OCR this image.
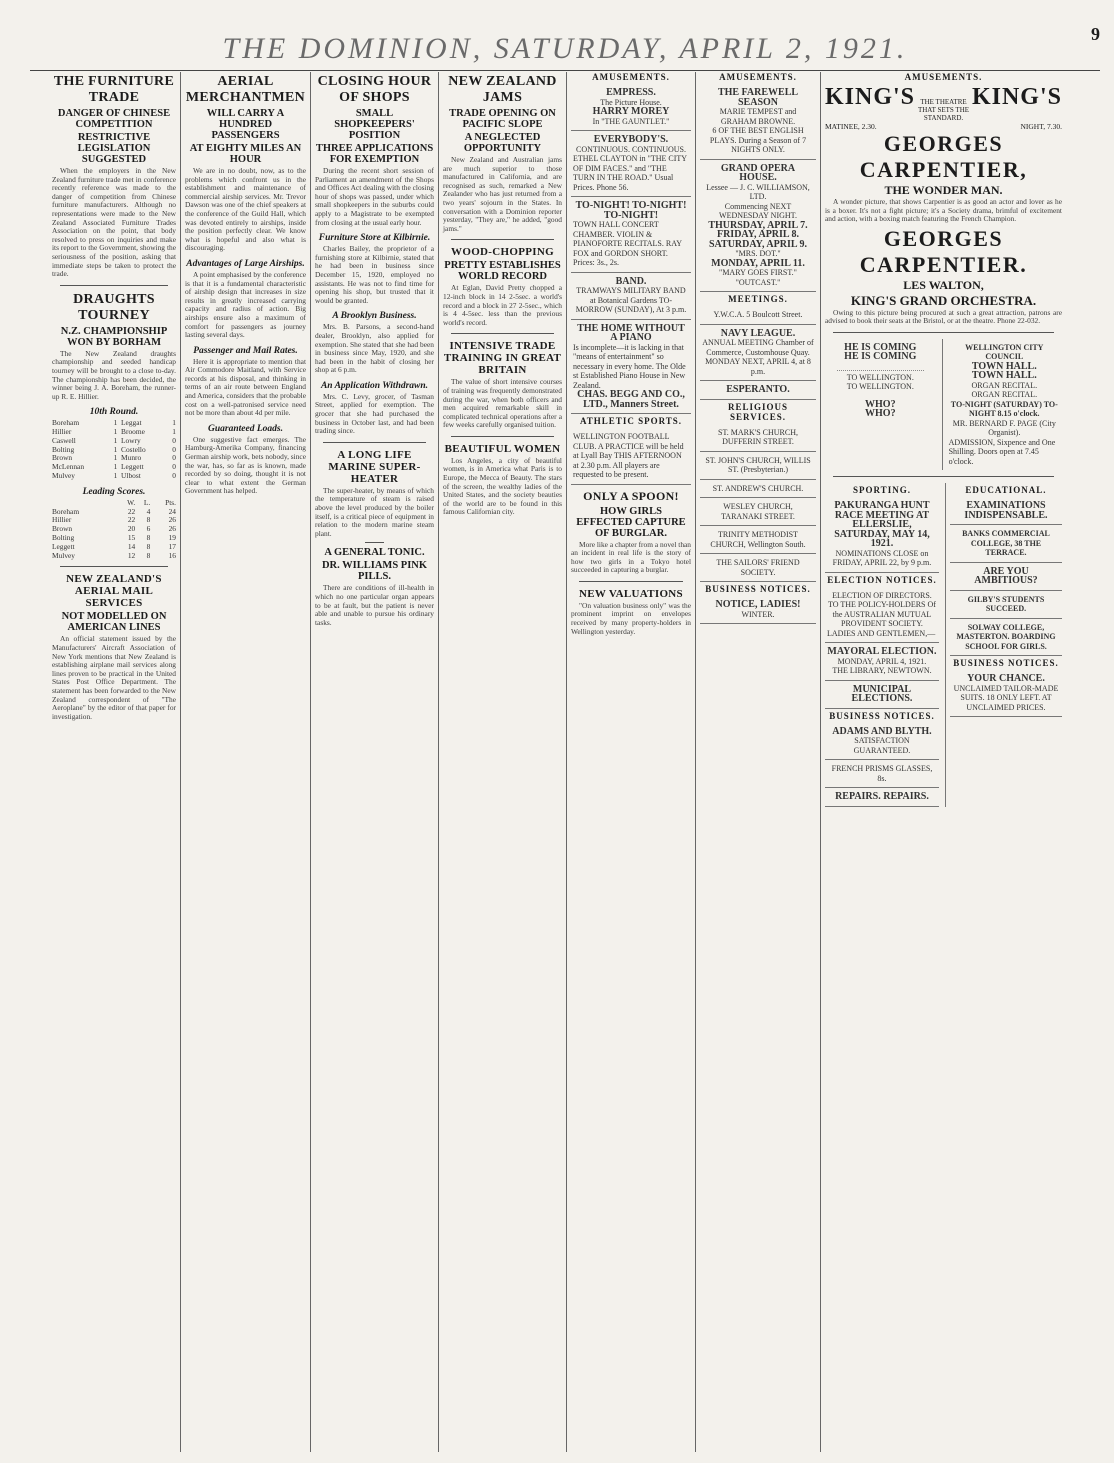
THE DOMINION, SATURDAY, APRIL 2, 1921.	9
THE FURNITURE TRADE
DANGER OF CHINESE COMPETITION
RESTRICTIVE LEGISLATION SUGGESTED

When the employers in the New Zealand furniture trade met in conference recently reference was made to the danger of competition from Chinese furniture manufacturers. Although no representations were made to the New Zealand Associated Furniture Trades Association on the point, that body resolved to press on inquiries and make its report to the Government, showing the seriousness of the position, asking that immediate steps be taken to protect the trade.

DRAUGHTS TOURNEY
N.Z. CHAMPIONSHIP WON BY BORHAM

The New Zealand draughts championship and seeded handicap tourney will be brought to a close to-day. The championship has been decided, the winner being J. A. Boreham, the runner-up R. E. Hillier.

10th Round.
Boreham	1	Leggat	1
Hillier	1	Broome	1
Caswell	1	Lowry	0
Bolting	1	Costello	0
Brown	1	Munro	0
McLennan	1	Leggett	0
Mulvey	1	Ulbost	0
Leading Scores.
	W.	L.	Pts.
Boreham	22	4	24
Hillier	22	8	26
Brown	20	6	26
Bolting	15	8	19
Leggett	14	8	17
Mulvey	12	8	16
NEW ZEALAND'S AERIAL MAIL SERVICES
NOT MODELLED ON AMERICAN LINES

An official statement issued by the Manufacturers' Aircraft Association of New York mentions that New Zealand is establishing airplane mail services along lines proven to be practical in the United States Post Office Department. The statement has been forwarded to the New Zealand correspondent of "The Aeroplane" by the editor of that paper for investigation.

AERIAL MERCHANTMEN
WILL CARRY A HUNDRED PASSENGERS
AT EIGHTY MILES AN HOUR

We are in no doubt, now, as to the problems which confront us in the establishment and maintenance of commercial airship services. Mr. Trevor Dawson was one of the chief speakers at the conference of the Guild Hall, which was devoted entirely to airships, inside the position perfectly clear. We know what is hopeful and also what is discouraging.

Advantages of Large Airships.

A point emphasised by the conference is that it is a fundamental characteristic of airship design that increases in size results in greatly increased carrying capacity and radius of action. Big airships ensure also a maximum of comfort for passengers as journey lasting several days.

Passenger and Mail Rates.

Here it is appropriate to mention that Air Commodore Maitland, with Service records at his disposal, and thinking in terms of an air route between England and America, considers that the probable cost on a well-patronised service need not be more than about 4d per mile.

Guaranteed Loads.

One suggestive fact emerges. The Hamburg-Amerika Company, financing German airship work, bets nobody, since the war, has, so far as is known, made recorded by so doing, thought it is not clear to what extent the German Government has helped.

CLOSING HOUR OF SHOPS
SMALL SHOPKEEPERS' POSITION
THREE APPLICATIONS FOR EXEMPTION

During the recent short session of Parliament an amendment of the Shops and Offices Act dealing with the closing hour of shops was passed, under which small shopkeepers in the suburbs could apply to a Magistrate to be exempted from closing at the usual early hour.

Furniture Store at Kilbirnie.

Charles Bailey, the proprietor of a furnishing store at Kilbirnie, stated that he had been in business since December 15, 1920, employed no assistants. He was not to find time for opening his shop, but trusted that it would be granted.

A Brooklyn Business.

Mrs. B. Parsons, a second-hand dealer, Brooklyn, also applied for exemption. She stated that she had been in business since May, 1920, and she had been in the habit of closing her shop at 6 p.m.

An Application Withdrawn.

Mrs. C. Levy, grocer, of Tasman Street, applied for exemption. The grocer that she had purchased the business in October last, and had been trading since.

A LONG LIFE MARINE SUPER-HEATER

The super-heater, by means of which the temperature of steam is raised above the level produced by the boiler itself, is a critical piece of equipment in relation to the modern marine steam plant.

A GENERAL TONIC.
DR. WILLIAMS PINK PILLS.

There are conditions of ill-health in which no one particular organ appears to be at fault, but the patient is never able and unable to pursue his ordinary tasks.

NEW ZEALAND JAMS
TRADE OPENING ON PACIFIC SLOPE
A NEGLECTED OPPORTUNITY

New Zealand and Australian jams are much superior to those manufactured in California, and are recognised as such, remarked a New Zealander who has just returned from a two years' sojourn in the States. In conversation with a Dominion reporter yesterday, "They are," he added, "good jams."

WOOD-CHOPPING
PRETTY ESTABLISHES WORLD RECORD

At Eglan, David Pretty chopped a 12-inch block in 14 2-5sec. a world's record and a block in 27 2-5sec., which is 4 4-5sec. less than the previous world's record.

INTENSIVE TRADE TRAINING IN GREAT BRITAIN

The value of short intensive courses of training was frequently demonstrated during the war, when both officers and men acquired remarkable skill in complicated technical operations after a few weeks carefully organised tuition.

BEAUTIFUL WOMEN

Los Angeles, a city of beautiful women, is in America what Paris is to Europe, the Mecca of Beauty. The stars of the screen, the wealthy ladies of the United States, and the society beauties of the world are to be found in this famous Californian city.

AMUSEMENTS.
EMPRESS.
The Picture House.
HARRY MOREY
In "THE GAUNTLET."
EVERYBODY'S.
CONTINUOUS. CONTINUOUS.
ETHEL CLAYTON in "THE CITY OF DIM FACES." and "THE TURN IN THE ROAD." Usual Prices. Phone 56.
TO-NIGHT! TO-NIGHT! TO-NIGHT!
TOWN HALL CONCERT CHAMBER. VIOLIN & PIANOFORTE RECITALS. RAY FOX and GORDON SHORT. Prices: 3s., 2s.
BAND.
TRAMWAYS MILITARY BAND at Botanical Gardens TO-MORROW (SUNDAY), At 3 p.m.
THE HOME WITHOUT A PIANO
Is incomplete—it is lacking in that "means of entertainment" so necessary in every home. The Olde st Established Piano House in New Zealand.
CHAS. BEGG AND CO., LTD., Manners Street.
ATHLETIC SPORTS.
WELLINGTON FOOTBALL CLUB. A PRACTICE will be held at Lyall Bay THIS AFTERNOON at 2.30 p.m. All players are requested to be present.
ONLY A SPOON!
HOW GIRLS EFFECTED CAPTURE OF BURGLAR.

More like a chapter from a novel than an incident in real life is the story of how two girls in a Tokyo hotel succeeded in capturing a burglar.

NEW VALUATIONS

"On valuation business only" was the prominent imprint on envelopes received by many property-holders in Wellington yesterday.

AMUSEMENTS.
THE FAREWELL SEASON
MARIE TEMPEST and GRAHAM BROWNE.
6 OF THE BEST ENGLISH PLAYS. During a Season of 7 NIGHTS ONLY.
GRAND OPERA HOUSE.
Lessee — J. C. WILLIAMSON, LTD.
Commencing NEXT WEDNESDAY NIGHT.
THURSDAY, APRIL 7.
FRIDAY, APRIL 8.
SATURDAY, APRIL 9.
"MRS. DOT."
MONDAY, APRIL 11.
"MARY GOES FIRST."
"OUTCAST."
MEETINGS.
Y.W.C.A. 5 Boulcott Street.
NAVY LEAGUE.
ANNUAL MEETING Chamber of Commerce, Customhouse Quay. MONDAY NEXT, APRIL 4, at 8 p.m.
ESPERANTO.
RELIGIOUS SERVICES.
ST. MARK'S CHURCH, DUFFERIN STREET.
ST. JOHN'S CHURCH, WILLIS ST. (Presbyterian.)
ST. ANDREW'S CHURCH.
WESLEY CHURCH, TARANAKI STREET.
TRINITY METHODIST CHURCH, Wellington South.
THE SAILORS' FRIEND SOCIETY.
BUSINESS NOTICES.
NOTICE, LADIES!
WINTER.
AMUSEMENTS.
KING'S THE THEATRE THAT SETS THE STANDARD.
KING'S
MATINEE, 2.30.	NIGHT, 7.30.
GEORGES CARPENTIER,
THE WONDER MAN.

A wonder picture, that shows Carpentier is as good an actor and lover as he is a boxer. It's not a fight picture; it's a Society drama, brimful of excitement and action, with a boxing match featuring the French Champion.

GEORGES CARPENTIER.
LES WALTON,
KING'S GRAND ORCHESTRA.

Owing to this picture being procured at such a great attraction, patrons are advised to book their seats at the Bristol, or at the theatre. Phone 22-032.

HE IS COMING
HE IS COMING
TO WELLINGTON.
TO WELLINGTON.
WHO?
WHO?
WELLINGTON CITY COUNCIL
TOWN HALL.
TOWN HALL.
ORGAN RECITAL.
ORGAN RECITAL.
TO-NIGHT (SATURDAY) TO-NIGHT 8.15 o'clock.
MR. BERNARD F. PAGE (City Organist).
ADMISSION, Sixpence and One Shilling. Doors open at 7.45 o'clock.
SPORTING.
PAKURANGA HUNT RACE MEETING AT ELLERSLIE, SATURDAY, MAY 14, 1921.
NOMINATIONS CLOSE on FRIDAY, APRIL 22, by 9 p.m.
ELECTION NOTICES.
ELECTION OF DIRECTORS.
TO THE POLICY-HOLDERS Of the AUSTRALIAN MUTUAL PROVIDENT SOCIETY.
LADIES AND GENTLEMEN,—
MAYORAL ELECTION.
MONDAY, APRIL 4, 1921.
THE LIBRARY, NEWTOWN.
MUNICIPAL ELECTIONS.
BUSINESS NOTICES.
ADAMS AND BLYTH.
SATISFACTION GUARANTEED.
FRENCH PRISMS GLASSES, 8s.
REPAIRS. REPAIRS.
EDUCATIONAL.
EXAMINATIONS INDISPENSABLE.
BANKS COMMERCIAL COLLEGE, 38 THE TERRACE.
ARE YOU AMBITIOUS?
GILBY'S STUDENTS SUCCEED.
SOLWAY COLLEGE, MASTERTON. BOARDING SCHOOL FOR GIRLS.
BUSINESS NOTICES.
YOUR CHANCE.
UNCLAIMED TAILOR-MADE SUITS. 18 ONLY LEFT. AT UNCLAIMED PRICES.
